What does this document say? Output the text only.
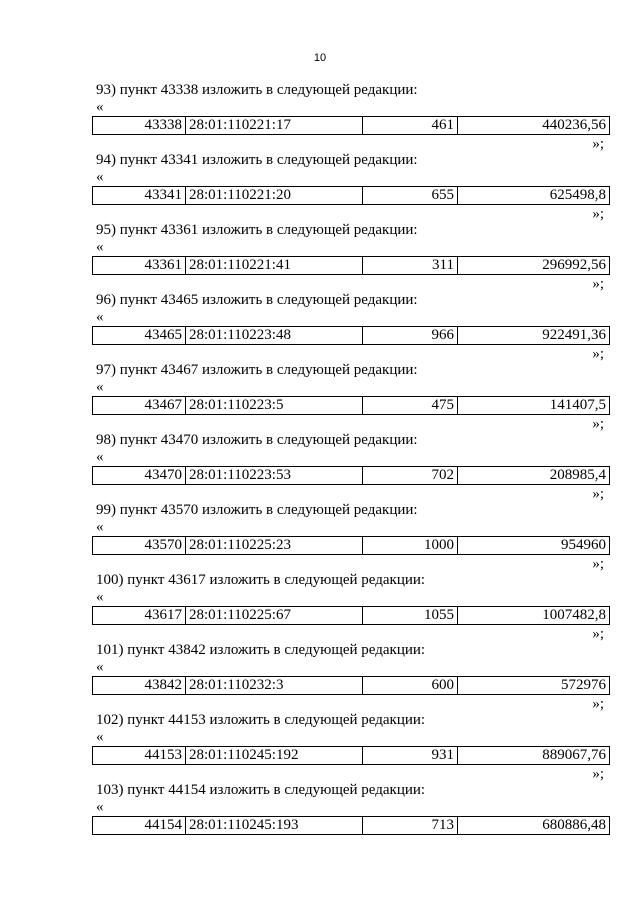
10
93) пункт 43338 изложить в следующей редакции:
«
43338	28:01:110221:17	461	440236,56
»;
94) пункт 43341 изложить в следующей редакции:
«
43341	28:01:110221:20	655	625498,8
»;
95) пункт 43361 изложить в следующей редакции:
«
43361	28:01:110221:41	311	296992,56
»;
96) пункт 43465 изложить в следующей редакции:
«
43465	28:01:110223:48	966	922491,36
»;
97) пункт 43467 изложить в следующей редакции:
«
43467	28:01:110223:5	475	141407,5
»;
98) пункт 43470 изложить в следующей редакции:
«
43470	28:01:110223:53	702	208985,4
»;
99) пункт 43570 изложить в следующей редакции:
«
43570	28:01:110225:23	1000	954960
»;
100) пункт 43617 изложить в следующей редакции:
«
43617	28:01:110225:67	1055	1007482,8
»;
101) пункт 43842 изложить в следующей редакции:
«
43842	28:01:110232:3	600	572976
»;
102) пункт 44153 изложить в следующей редакции:
«
44153	28:01:110245:192	931	889067,76
»;
103) пункт 44154 изложить в следующей редакции:
«
44154	28:01:110245:193	713	680886,48
